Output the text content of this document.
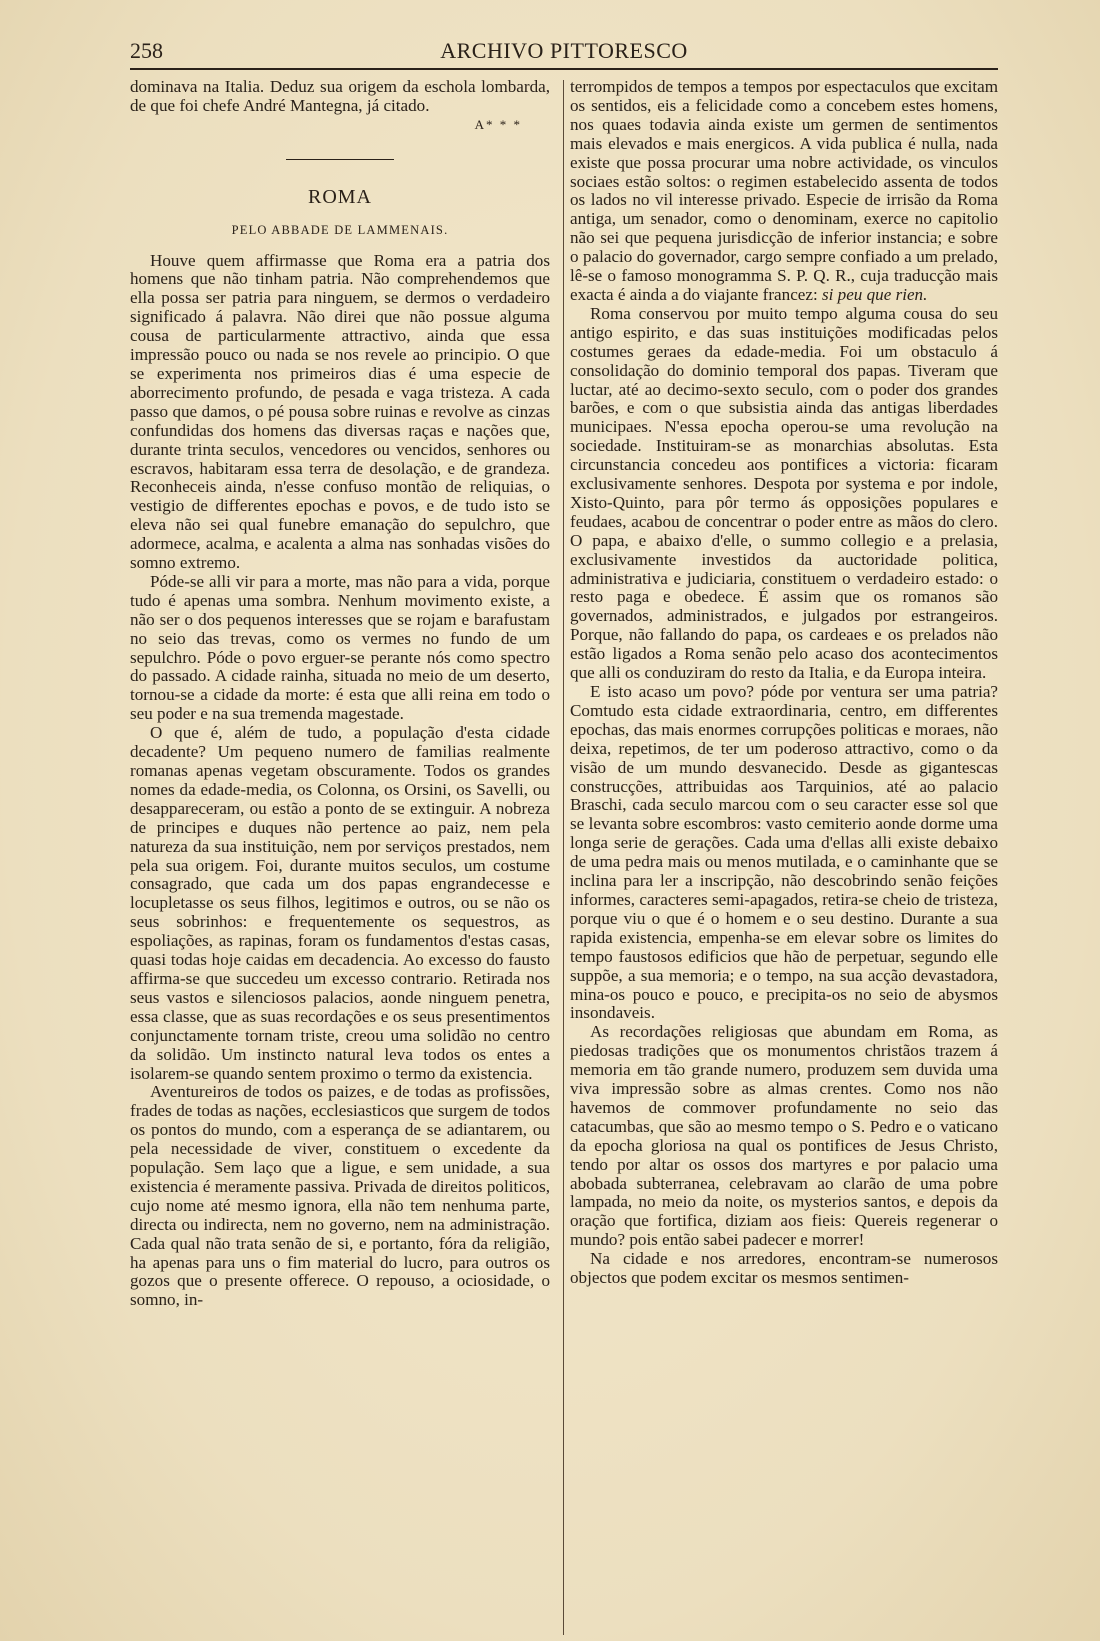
258	ARCHIVO PITTORESCO

dominava na Italia. Deduz sua origem da eschola lombarda, de que foi chefe André Mantegna, já citado.

A* * *

ROMA
PELO ABBADE DE LAMMENAIS.

Houve quem affirmasse que Roma era a patria dos homens que não tinham patria. Não comprehendemos que ella possa ser patria para ninguem, se dermos o verdadeiro significado á palavra. Não direi que não possue alguma cousa de particularmente attractivo, ainda que essa impressão pouco ou nada se nos revele ao principio. O que se experimenta nos primeiros dias é uma especie de aborrecimento profundo, de pesada e vaga tristeza. A cada passo que damos, o pé pousa sobre ruinas e revolve as cinzas confundidas dos homens das diversas raças e nações que, durante trinta seculos, vencedores ou vencidos, senhores ou escravos, habitaram essa terra de desolação, e de grandeza. Reconheceis ainda, n'esse confuso montão de reliquias, o vestigio de differentes epochas e povos, e de tudo isto se eleva não sei qual funebre emanação do sepulchro, que adormece, acalma, e acalenta a alma nas sonhadas visões do somno extremo.

Póde-se alli vir para a morte, mas não para a vida, porque tudo é apenas uma sombra. Nenhum movimento existe, a não ser o dos pequenos interesses que se rojam e barafustam no seio das trevas, como os vermes no fundo de um sepulchro. Póde o povo erguer-se perante nós como spectro do passado. A cidade rainha, situada no meio de um deserto, tornou-se a cidade da morte: é esta que alli reina em todo o seu poder e na sua tremenda magestade.

O que é, além de tudo, a população d'esta cidade decadente? Um pequeno numero de familias realmente romanas apenas vegetam obscuramente. Todos os grandes nomes da edade-media, os Colonna, os Orsini, os Savelli, ou desappareceram, ou estão a ponto de se extinguir. A nobreza de principes e duques não pertence ao paiz, nem pela natureza da sua instituição, nem por serviços prestados, nem pela sua origem. Foi, durante muitos seculos, um costume consagrado, que cada um dos papas engrandecesse e locupletasse os seus filhos, legitimos e outros, ou se não os seus sobrinhos: e frequentemente os sequestros, as espoliações, as rapinas, foram os fundamentos d'estas casas, quasi todas hoje caidas em decadencia. Ao excesso do fausto affirma-se que succedeu um excesso contrario. Retirada nos seus vastos e silenciosos palacios, aonde ninguem penetra, essa classe, que as suas recordações e os seus presentimentos conjunctamente tornam triste, creou uma solidão no centro da solidão. Um instincto natural leva todos os entes a isolarem-se quando sentem proximo o termo da existencia.

Aventureiros de todos os paizes, e de todas as profissões, frades de todas as nações, ecclesiasticos que surgem de todos os pontos do mundo, com a esperança de se adiantarem, ou pela necessidade de viver, constituem o excedente da população. Sem laço que a ligue, e sem unidade, a sua existencia é meramente passiva. Privada de direitos politicos, cujo nome até mesmo ignora, ella não tem nenhuma parte, directa ou indirecta, nem no governo, nem na administração. Cada qual não trata senão de si, e portanto, fóra da religião, ha apenas para uns o fim material do lucro, para outros os gozos que o presente offerece. O repouso, a ociosidade, o somno, in-

terrompidos de tempos a tempos por espectaculos que excitam os sentidos, eis a felicidade como a concebem estes homens, nos quaes todavia ainda existe um germen de sentimentos mais elevados e mais energicos. A vida publica é nulla, nada existe que possa procurar uma nobre actividade, os vinculos sociaes estão soltos: o regimen estabelecido assenta de todos os lados no vil interesse privado. Especie de irrisão da Roma antiga, um senador, como o denominam, exerce no capitolio não sei que pequena jurisdicção de inferior instancia; e sobre o palacio do governador, cargo sempre confiado a um prelado, lê-se o famoso monogramma S. P. Q. R., cuja traducção mais exacta é ainda a do viajante francez: si peu que rien.

Roma conservou por muito tempo alguma cousa do seu antigo espirito, e das suas instituições modificadas pelos costumes geraes da edade-media. Foi um obstaculo á consolidação do dominio temporal dos papas. Tiveram que luctar, até ao decimo-sexto seculo, com o poder dos grandes barões, e com o que subsistia ainda das antigas liberdades municipaes. N'essa epocha operou-se uma revolução na sociedade. Instituiram-se as monarchias absolutas. Esta circunstancia concedeu aos pontifices a victoria: ficaram exclusivamente senhores. Despota por systema e por indole, Xisto-Quinto, para pôr termo ás opposições populares e feudaes, acabou de concentrar o poder entre as mãos do clero. O papa, e abaixo d'elle, o summo collegio e a prelasia, exclusivamente investidos da auctoridade politica, administrativa e judiciaria, constituem o verdadeiro estado: o resto paga e obedece. É assim que os romanos são governados, administrados, e julgados por estrangeiros. Porque, não fallando do papa, os cardeaes e os prelados não estão ligados a Roma senão pelo acaso dos acontecimentos que alli os conduziram do resto da Italia, e da Europa inteira.

E isto acaso um povo? póde por ventura ser uma patria? Comtudo esta cidade extraordinaria, centro, em differentes epochas, das mais enormes corrupções politicas e moraes, não deixa, repetimos, de ter um poderoso attractivo, como o da visão de um mundo desvanecido. Desde as gigantescas construcções, attribuidas aos Tarquinios, até ao palacio Braschi, cada seculo marcou com o seu caracter esse sol que se levanta sobre escombros: vasto cemiterio aonde dorme uma longa serie de gerações. Cada uma d'ellas alli existe debaixo de uma pedra mais ou menos mutilada, e o caminhante que se inclina para ler a inscripção, não descobrindo senão feições informes, caracteres semi-apagados, retira-se cheio de tristeza, porque viu o que é o homem e o seu destino. Durante a sua rapida existencia, empenha-se em elevar sobre os limites do tempo faustosos edificios que hão de perpetuar, segundo elle suppõe, a sua memoria; e o tempo, na sua acção devastadora, mina-os pouco e pouco, e precipita-os no seio de abysmos insondaveis.

As recordações religiosas que abundam em Roma, as piedosas tradições que os monumentos christãos trazem á memoria em tão grande numero, produzem sem duvida uma viva impressão sobre as almas crentes. Como nos não havemos de commover profundamente no seio das catacumbas, que são ao mesmo tempo o S. Pedro e o vaticano da epocha gloriosa na qual os pontifices de Jesus Christo, tendo por altar os ossos dos martyres e por palacio uma abobada subterranea, celebravam ao clarão de uma pobre lampada, no meio da noite, os mysterios santos, e depois da oração que fortifica, diziam aos fieis: Quereis regenerar o mundo? pois então sabei padecer e morrer!

Na cidade e nos arredores, encontram-se numerosos objectos que podem excitar os mesmos sentimen-
